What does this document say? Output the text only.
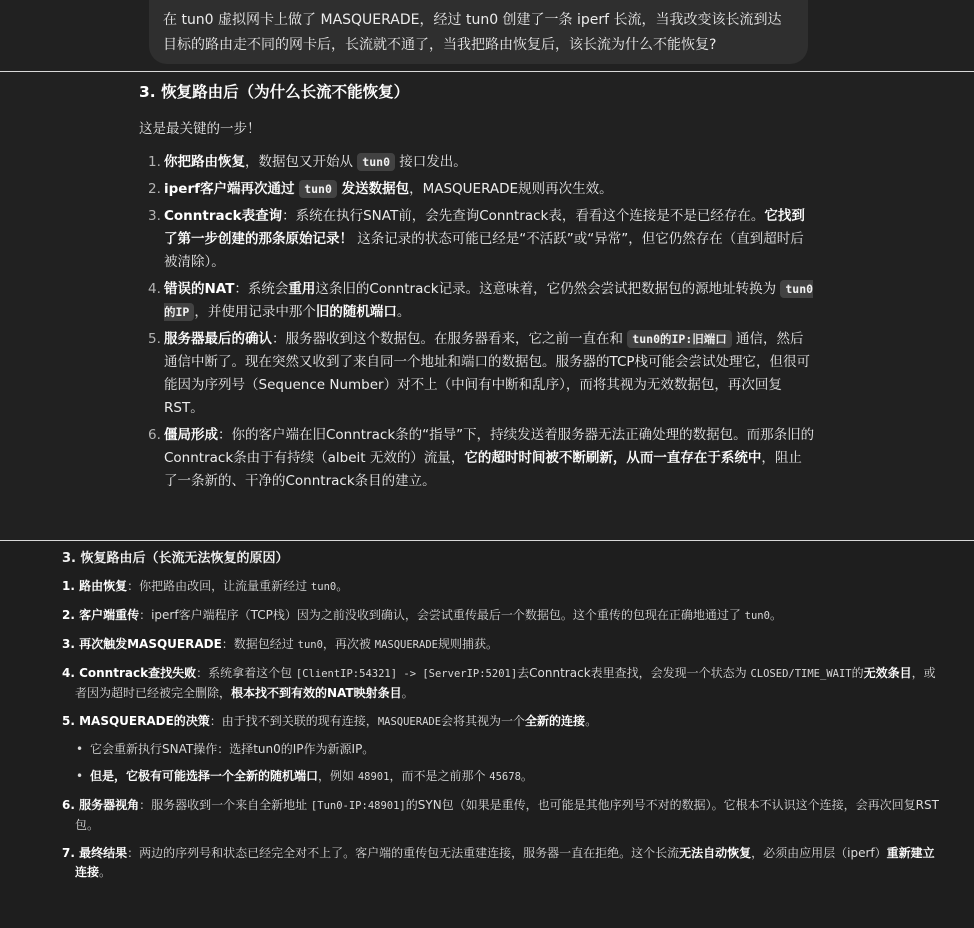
在 tun0 虚拟网卡上做了 MASQUERADE，经过 tun0 创建了一条 iperf 长流，当我改变该长流到达目标的路由走不同的网卡后，长流就不通了，当我把路由恢复后，该长流为什么不能恢复?
3. 恢复路由后（为什么长流不能恢复）

这是最关键的一步！

1. 你把路由恢复，数据包又开始从 tun0 接口发出。
2. iperf客户端再次通过 tun0 发送数据包，MASQUERADE规则再次生效。
3. Conntrack表查询：系统在执行SNAT前，会先查询Conntrack表，看看这个连接是不是已经存在。它找到了第一步创建的那条原始记录！ 这条记录的状态可能已经是“不活跃”或“异常”，但它仍然存在（直到超时后被清除）。
4. 错误的NAT：系统会重用这条旧的Conntrack记录。这意味着，它仍然会尝试把数据包的源地址转换为 tun0的IP ，并使用记录中那个旧的随机端口。
5. 服务器最后的确认：服务器收到这个数据包。在服务器看来，它之前一直在和 tun0的IP:旧端口 通信，然后通信中断了。现在突然又收到了来自同一个地址和端口的数据包。服务器的TCP栈可能会尝试处理它，但很可能因为序列号（Sequence Number）对不上（中间有中断和乱序），而将其视为无效数据包，再次回复RST。
6. 僵局形成：你的客户端在旧Conntrack条的“指导”下，持续发送着服务器无法正确处理的数据包。而那条旧的Conntrack条由于有持续（albeit 无效的）流量，它的超时时间被不断刷新，从而一直存在于系统中，阻止了一条新的、干净的Conntrack条目的建立。
3. 恢复路由后（长流无法恢复的原因）
1. 路由恢复：你把路由改回，让流量重新经过 tun0。
2. 客户端重传：iperf客户端程序（TCP栈）因为之前没收到确认，会尝试重传最后一个数据包。这个重传的包现在正确地通过了 tun0。
3. 再次触发MASQUERADE：数据包经过 tun0，再次被 MASQUERADE规则捕获。
4. Conntrack查找失败：系统拿着这个包 [ClientIP:54321] -> [ServerIP:5201]去Conntrack表里查找，会发现一个状态为 CLOSED/TIME_WAIT的无效条目，或者因为超时已经被完全删除，根本找不到有效的NAT映射条目。
5. MASQUERADE的决策：由于找不到关联的现有连接，MASQUERADE会将其视为一个全新的连接。
• 它会重新执行SNAT操作：选择tun0的IP作为新源IP。
• 但是，它极有可能选择一个全新的随机端口，例如 48901，而不是之前那个 45678。
6. 服务器视角：服务器收到一个来自全新地址 [Tun0-IP:48901]的SYN包（如果是重传，也可能是其他序列号不对的数据）。它根本不认识这个连接，会再次回复RST包。
7. 最终结果：两边的序列号和状态已经完全对不上了。客户端的重传包无法重建连接，服务器一直在拒绝。这个长流无法自动恢复，必须由应用层（iperf）重新建立连接。
